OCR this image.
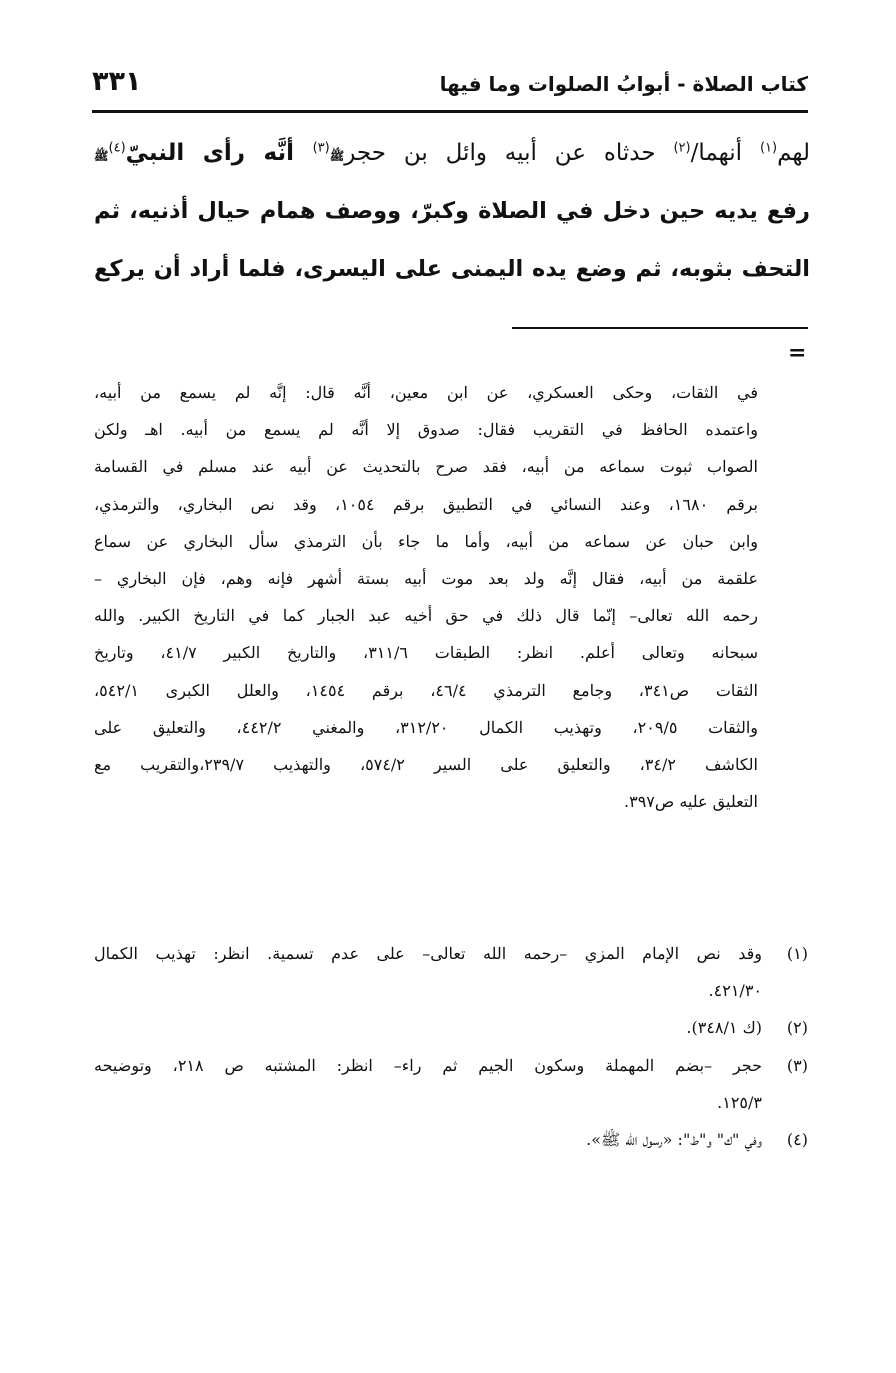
كتاب الصلاة - أبوابُ الصلوات وما فيها
٣٣١
لهم$^{(١)}$ أنهما/$^{(٢)}$ حدثاه عن أبيه وائل بن حجرﷺ$^{(٣)}$ أنَّه رأى النبيّ$^{(٤)}$ﷺ
رفع يديه حين دخل في الصلاة وكبرّ، ووصف همام حيال أذنيه، ثم
التحف بثوبه، ثم وضع يده اليمنى على اليسرى، فلما أراد أن يركع
=
في الثقات، وحكى العسكري، عن ابن معين، أنَّه قال: إنَّه لم يسمع من أبيه،
واعتمده الحافظ في التقريب فقال: صدوق إلا أنَّه لم يسمع من أبيه. اهـ ولكن
الصواب ثبوت سماعه من أبيه، فقد صرح بالتحديث عن أبيه عند مسلم في القسامة
برقم ١٦٨٠، وعند النسائي في التطبيق برقم ١٠٥٤، وقد نص البخاري، والترمذي،
وابن حبان عن سماعه من أبيه، وأما ما جاء بأن الترمذي سأل البخاري عن سماع
علقمة من أبيه، فقال إنَّه ولد بعد موت أبيه بستة أشهر فإنه وهم، فإن البخاري –
رحمه الله تعالى– إنّما قال ذلك في حق أخيه عبد الجبار كما في التاريخ الكبير. والله
سبحانه وتعالى أعلم. انظر: الطبقات ٣١١/٦، والتاريخ الكبير ٤١/٧، وتاريخ
الثقات ص٣٤١، وجامع الترمذي ٤٦/٤، برقم ١٤٥٤، والعلل الكبرى ٥٤٢/١،
والثقات ٢٠٩/٥، وتهذيب الكمال ٣١٢/٢٠، والمغني ٤٤٢/٢، والتعليق على
الكاشف ٣٤/٢، والتعليق على السير ٥٧٤/٢، والتهذيب ٢٣٩/٧،والتقريب مع
التعليق عليه ص٣٩٧.
(١)
وقد نص الإمام المزي –رحمه الله تعالى– على عدم تسمية. انظر: تهذيب الكمال
٤٢١/٣٠.
(٢)
(ك ٣٤٨/١).
(٣)
حجر –بضم المهملة وسكون الجيم ثم راء– انظر: المشتبه ص ٢١٨، وتوضيحه
١٢٥/٣.
(٤)
وفي "ك" و"ط": «رسول الله ﷺ».
